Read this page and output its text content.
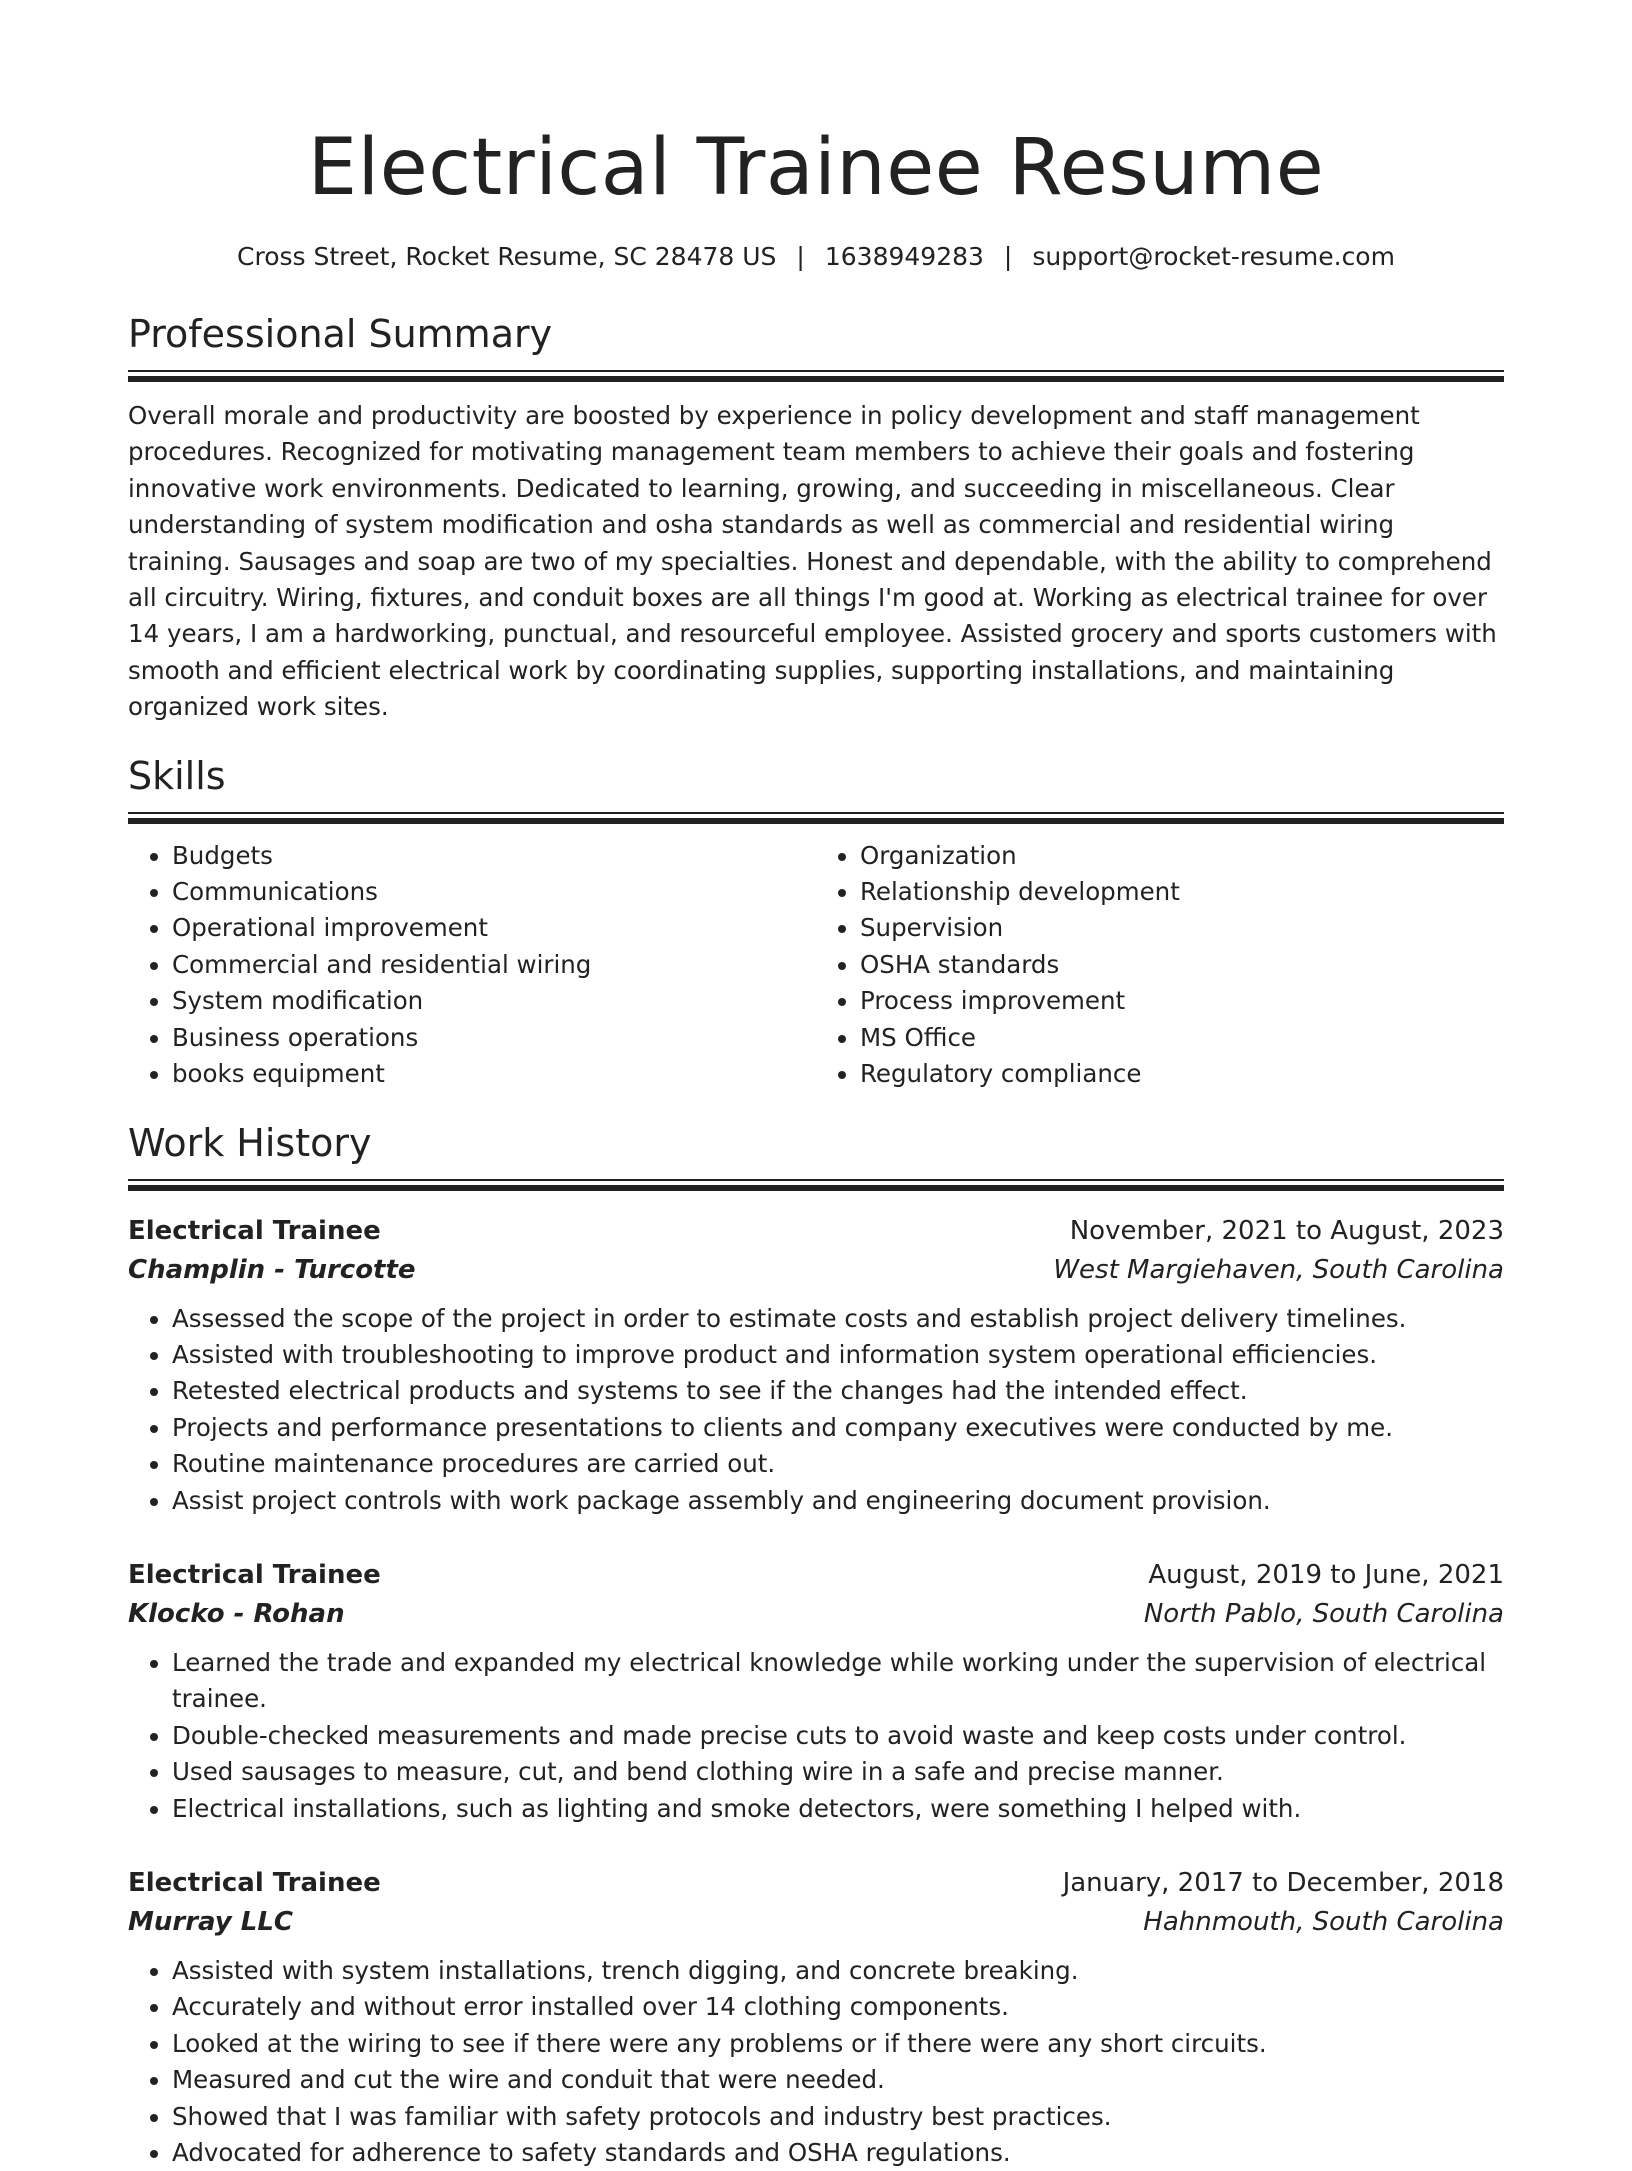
Electrical Trainee Resume
Cross Street, Rocket Resume, SC 28478 US | 1638949283 | support@rocket-resume.com
Professional Summary
Overall morale and productivity are boosted by experience in policy development and staff management procedures. Recognized for motivating management team members to achieve their goals and fostering innovative work environments. Dedicated to learning, growing, and succeeding in miscellaneous. Clear understanding of system modification and osha standards as well as commercial and residential wiring training. Sausages and soap are two of my specialties. Honest and dependable, with the ability to comprehend all circuitry. Wiring, fixtures, and conduit boxes are all things I'm good at. Working as electrical trainee for over 14 years, I am a hardworking, punctual, and resourceful employee. Assisted grocery and sports customers with smooth and efficient electrical work by coordinating supplies, supporting installations, and maintaining organized work sites.
Skills
• Budgets
• Communications
• Operational improvement
• Commercial and residential wiring
• System modification
• Business operations
• books equipment
• Organization
• Relationship development
• Supervision
• OSHA standards
• Process improvement
• MS Office
• Regulatory compliance
Work History
Electrical Trainee	November, 2021 to August, 2023
Champlin - Turcotte	West Margiehaven, South Carolina
• Assessed the scope of the project in order to estimate costs and establish project delivery timelines.
• Assisted with troubleshooting to improve product and information system operational efficiencies.
• Retested electrical products and systems to see if the changes had the intended effect.
• Projects and performance presentations to clients and company executives were conducted by me.
• Routine maintenance procedures are carried out.
• Assist project controls with work package assembly and engineering document provision.
Electrical Trainee	August, 2019 to June, 2021
Klocko - Rohan	North Pablo, South Carolina
• Learned the trade and expanded my electrical knowledge while working under the supervision of electrical trainee.
• Double-checked measurements and made precise cuts to avoid waste and keep costs under control.
• Used sausages to measure, cut, and bend clothing wire in a safe and precise manner.
• Electrical installations, such as lighting and smoke detectors, were something I helped with.
Electrical Trainee	January, 2017 to December, 2018
Murray LLC	Hahnmouth, South Carolina
• Assisted with system installations, trench digging, and concrete breaking.
• Accurately and without error installed over 14 clothing components.
• Looked at the wiring to see if there were any problems or if there were any short circuits.
• Measured and cut the wire and conduit that were needed.
• Showed that I was familiar with safety protocols and industry best practices.
• Advocated for adherence to safety standards and OSHA regulations.
